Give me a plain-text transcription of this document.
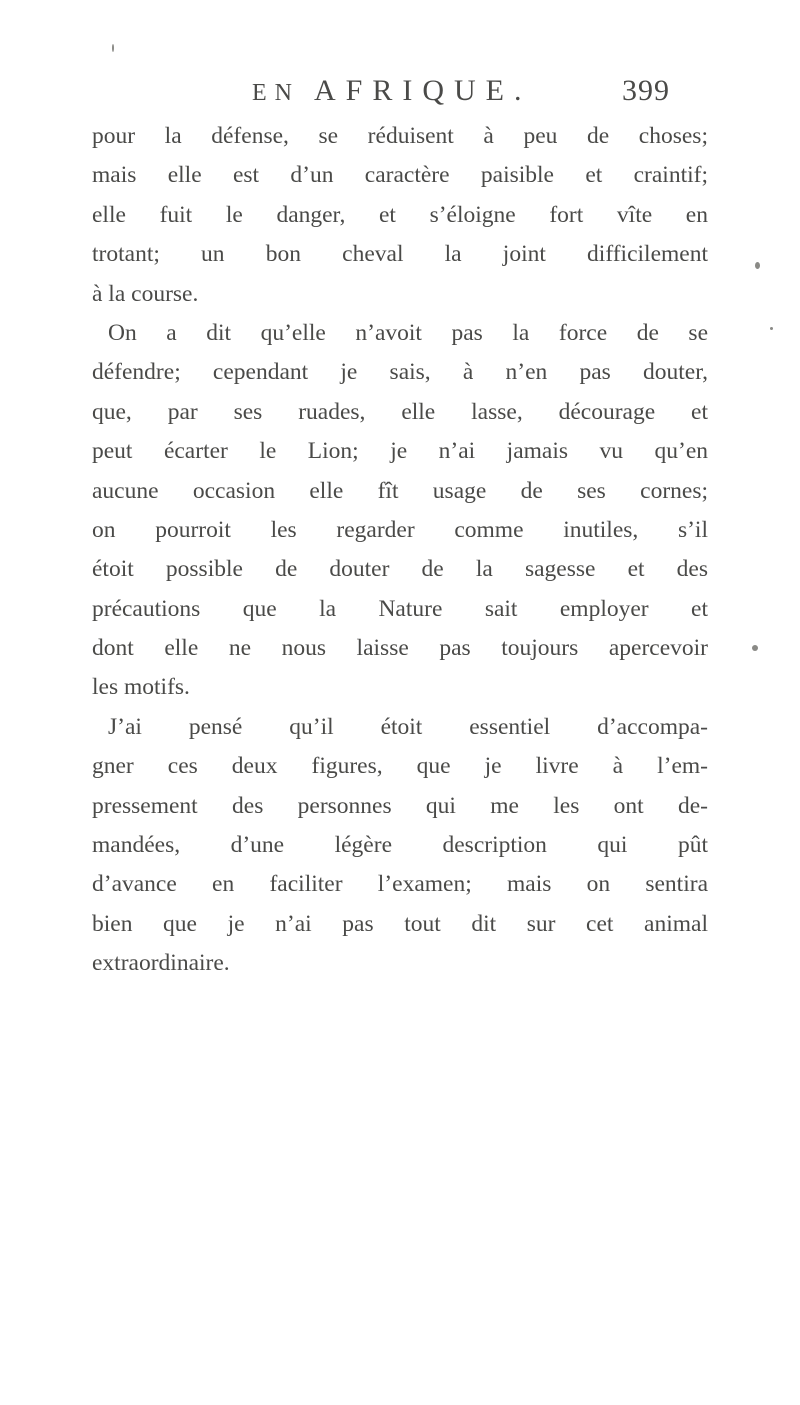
EN AFRIQUE.	399
pour la défense, se réduisent à peu de choses;
mais elle est d’un caractère paisible et craintif;
elle fuit le danger, et s’éloigne fort vîte en
trotant; un bon cheval la joint difficilement
à la course.
On a dit qu’elle n’avoit pas la force de se
défendre; cependant je sais, à n’en pas douter,
que, par ses ruades, elle lasse, décourage et
peut écarter le Lion; je n’ai jamais vu qu’en
aucune occasion elle fît usage de ses cornes;
on pourroit les regarder comme inutiles, s’il
étoit possible de douter de la sagesse et des
précautions que la Nature sait employer et
dont elle ne nous laisse pas toujours apercevoir
les motifs.
J’ai pensé qu’il étoit essentiel d’accompa-
gner ces deux figures, que je livre à l’em-
pressement des personnes qui me les ont de-
mandées, d’une légère description qui pût
d’avance en faciliter l’examen; mais on sentira
bien que je n’ai pas tout dit sur cet animal
extraordinaire.
